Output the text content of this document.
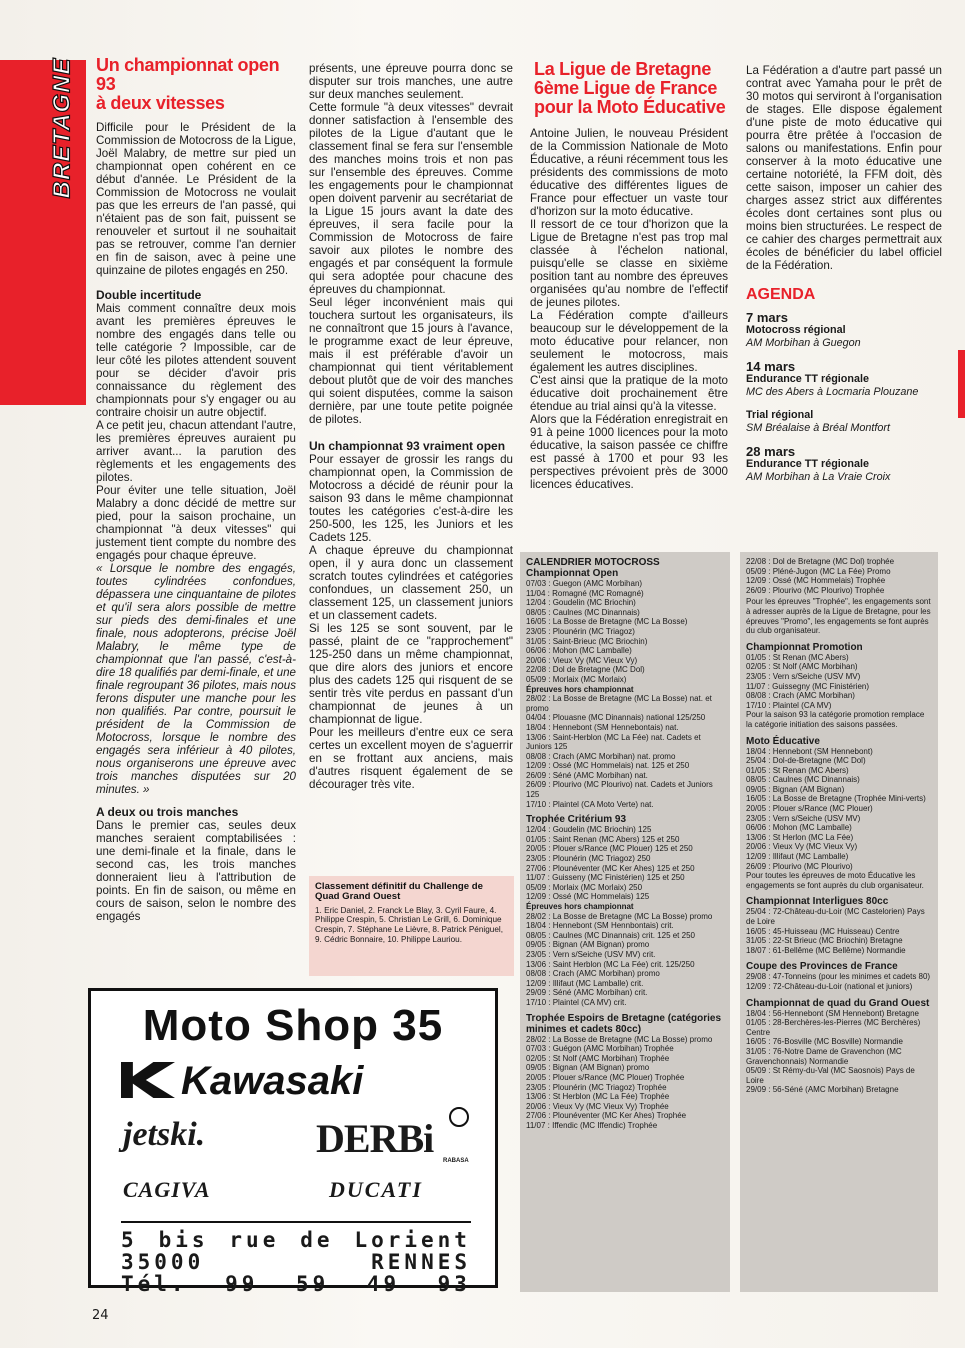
BRETAGNE Un championnat open 93
à deux vitesses

Difficile pour le Président de la Commission de Motocross de la Ligue, Joël Malabry, de mettre sur pied un championnat open cohérent en ce début d'année. Le Président de la Commission de Motocross ne voulait pas que les erreurs de l'an passé, qui n'étaient pas de son fait, puissent se renouveler et surtout il ne souhaitait pas se retrouver, comme l'an dernier en fin de saison, avec à peine une quinzaine de pilotes engagés en 250.

Double incertitude

Mais comment connaître deux mois avant les premières épreuves le nombre des engagés dans telle ou telle catégorie ? Impossible, car de leur côté les pilotes attendent souvent pour se décider d'avoir pris connaissance du règlement des championnats pour s'y engager ou au contraire choisir un autre objectif.

A ce petit jeu, chacun attendant l'autre, les premières épreuves auraient pu arriver avant... la parution des règlements et les engagements des pilotes.

Pour éviter une telle situation, Joël Malabry a donc décidé de mettre sur pied, pour la saison prochaine, un championnat "à deux vitesses" qui justement tient compte du nombre des engagés pour chaque épreuve.

« Lorsque le nombre des engagés, toutes cylindrées confondues, dépassera une cinquantaine de pilotes et qu'il sera alors possible de mettre sur pieds des demi-finales et une finale, nous adopterons, précise Joël Malabry, le même type de championnat que l'an passé, c'est-à-dire 18 qualifiés par demi-finale, et une finale regroupant 36 pilotes, mais nous ferons disputer une manche pour les non qualifiés. Par contre, poursuit le président de la Commission de Motocross, lorsque le nombre des engagés sera inférieur à 40 pilotes, nous organiserons une épreuve avec trois manches disputées sur 20 minutes. »

A deux ou trois manches

Dans le premier cas, seules deux manches seraient comptabilisées : une demi-finale et la finale, dans le second cas, les trois manches donneraient lieu à l'attribution de points. En fin de saison, ou même en cours de saison, selon le nombre des engagés

présents, une épreuve pourra donc se disputer sur trois manches, une autre sur deux manches seulement.

Cette formule "à deux vitesses" devrait donner satisfaction à l'ensemble des pilotes de la Ligue d'autant que le classement final se fera sur l'ensemble des manches moins trois et non pas sur l'ensemble des épreuves. Comme les engagements pour le championnat open doivent parvenir au secrétariat de la Ligue 15 jours avant la date des épreuves, il sera facile pour la Commission de Motocross de faire savoir aux pilotes le nombre des engagés et par conséquent la formule qui sera adoptée pour chacune des épreuves du championnat.

Seul léger inconvénient mais qui touchera surtout les organisateurs, ils ne connaîtront que 15 jours à l'avance, le programme exact de leur épreuve, mais il est préférable d'avoir un championnat qui tient véritablement debout plutôt que de voir des manches qui soient disputées, comme la saison dernière, par une toute petite poignée de pilotes.

Un championnat 93 vraiment open

Pour essayer de grossir les rangs du championnat open, la Commission de Motocross a décidé de réunir pour la saison 93 dans le même championnat toutes les catégories c'est-à-dire les 250-500, les 125, les Juniors et les Cadets 125.

A chaque épreuve du championnat open, il y aura donc un classement scratch toutes cylindrées et catégories confondues, un classement 250, un classement 125, un classement juniors et un classement cadets.

Si les 125 se sont souvent, par le passé, plaint de ce "rapprochement" 125-250 dans un même championnat, que dire alors des juniors et encore plus des cadets 125 qui risquent de se sentir très vite perdus en passant d'un championnat de jeunes à un championnat de ligue.

Pour les meilleurs d'entre eux ce sera certes un excellent moyen de s'aguerrir en se frottant aux anciens, mais d'autres risquent également de se décourager très vite.

Classement définitif du Challenge de Quad Grand Ouest
1. Eric Daniel, 2. Franck Le Blay, 3. Cyril Faure, 4. Philippe Crespin, 5. Christian Le Grill, 6. Dominique Crespin, 7. Stéphane Le Lièvre, 8. Patrick Péniguel, 9. Cédric Bonnaire, 10. Philippe Lauriou.
La Ligue de Bretagne
6ème Ligue de France
pour la Moto Éducative

Antoine Julien, le nouveau Président de la Commission Nationale de Moto Éducative, a réuni récemment tous les présidents des commissions de moto éducative des différentes ligues de France pour effectuer un vaste tour d'horizon sur la moto éducative.

Il ressort de ce tour d'horizon que la Ligue de Bretagne n'est pas trop mal classée à l'échelon national, puisqu'elle se classe en sixième position tant au nombre des épreuves organisées qu'au nombre de l'effectif de jeunes pilotes.

La Fédération compte d'ailleurs beaucoup sur le développement de la moto éducative pour relancer, non seulement le motocross, mais également les autres disciplines.

C'est ainsi que la pratique de la moto éducative doit prochainement être étendue au trial ainsi qu'à la vitesse.

Alors que la Fédération enregistrait en 91 à peine 1000 licences pour la moto éducative, la saison passée ce chiffre est passé à 1700 et pour 93 les perspectives prévoient près de 3000 licences éducatives.

La Fédération a d'autre part passé un contrat avec Yamaha pour le prêt de 30 motos qui serviront à l'organisation de stages. Elle dispose également d'une piste de moto éducative qui pourra être prêtée à l'occasion de salons ou manifestations. Enfin pour conserver à la moto éducative une certaine notoriété, la FFM doit, dès cette saison, imposer un cahier des charges assez strict aux différentes écoles dont certaines sont plus ou moins bien structurées. Le respect de ce cahier des charges permettrait aux écoles de bénéficier du label officiel de la Fédération.

AGENDA
7 mars
Motocross régional
AM Morbihan à Guegon
14 mars
Endurance TT régionale
MC des Abers à Locmaria Plouzane
Trial régional
SM Bréalaise à Bréal Montfort
28 mars
Endurance TT régionale
AM Morbihan à La Vraie Croix
CALENDRIER MOTOCROSS
Championnat Open
07/03 : Guegon (AMC Morbihan)
11/04 : Romagné (MC Romagné)
12/04 : Goudelin (MC Briochin)
08/05 : Caulnes (MC Dinannais)
16/05 : La Bosse de Bretagne (MC La Bosse)
23/05 : Plounérin (MC Triagoz)
31/05 : Saint-Brieuc (MC Briochin)
06/06 : Mohon (MC Lamballe)
20/06 : Vieux Vy (MC Vieux Vy)
22/08 : Dol de Bretagne (MC Dol)
05/09 : Morlaix (MC Morlaix)
Épreuves hors championnat
28/02 : La Bosse de Bretagne (MC La Bosse) nat. et promo
04/04 : Plouasne (MC Dinannais) national 125/250
18/04 : Hennebont (SM Hennebontais) nat.
13/06 : Saint-Herblon (MC La Fée) nat. Cadets et Juniors 125
08/08 : Crach (AMC Morbihan) nat. promo
12/09 : Ossé (MC Hommelais) nat. 125 et 250
26/09 : Séné (AMC Morbihan) nat.
26/09 : Plourivo (MC Plourivo) nat. Cadets et Juniors 125
17/10 : Plaintel (CA Moto Verte) nat.
Trophée Critérium 93
12/04 : Goudelin (MC Briochin) 125
01/05 : Saint Renan (MC Abers) 125 et 250
20/05 : Plouer s/Rance (MC Plouer) 125 et 250
23/05 : Plounérin (MC Triagoz) 250
27/06 : Plounéventer (MC Ker Ahes) 125 et 250
11/07 : Guisseny (MC Finistérien) 125 et 250
05/09 : Morlaix (MC Morlaix) 250
12/09 : Ossé (MC Hommelais) 125
Épreuves hors championnat
28/02 : La Bosse de Bretagne (MC La Bosse) promo
18/04 : Hennebont (SM Hennbontais) crit.
08/05 : Caulnes (MC Dinannais) crit. 125 et 250
09/05 : Bignan (AM Bignan) promo
23/05 : Vern s/Seiche (USV MV) crit.
13/06 : Saint Herblon (MC La Fée) crit. 125/250
08/08 : Crach (AMC Morbihan) promo
12/09 : Illifaut (MC Lamballe) crit.
29/09 : Séné (AMC Morbihan) crit.
17/10 : Plaintel (CA MV) crit.
Trophée Espoirs de Bretagne (catégories minimes et cadets 80cc)
28/02 : La Bosse de Bretagne (MC La Bosse) promo
07/03 : Guégon (AMC Morbihan) Trophée
02/05 : St Nolf (AMC Morbihan) Trophée
09/05 : Bignan (AM Bignan) promo
20/05 : Plouer s/Rance (MC Plouer) Trophée
23/05 : Plounérin (MC Triagoz) Trophée
13/06 : St Herblon (MC La Fée) Trophée
20/06 : Vieux Vy (MC Vieux Vy) Trophée
27/06 : Plounéventer (MC Ker Ahes) Trophée
11/07 : Iffendic (MC Iffendic) Trophée
22/08 : Dol de Bretagne (MC Dol) trophée
05/09 : Pléné-Jugon (MC La Fée) Promo
12/09 : Ossé (MC Hommelais) Trophée
26/09 : Plourivo (MC Plourivo) Trophée
Pour les épreuves "Trophée", les engagements sont à adresser auprès de la Ligue de Bretagne, pour les épreuves "Promo", les engagements se font auprès du club organisateur.
Championnat Promotion
01/05 : St Renan (MC Abers)
02/05 : St Nolf (AMC Morbihan)
23/05 : Vern s/Seiche (USV MV)
11/07 : Guissegny (MC Finistérien)
08/08 : Crach (AMC Morbihan)
17/10 : Plaintel (CA MV)
Pour la saison 93 la catégorie promotion remplace la catégorie initiation des saisons passées.
Moto Éducative
18/04 : Hennebont (SM Hennebont)
25/04 : Dol-de-Bretagne (MC Dol)
01/05 : St Renan (MC Abers)
08/05 : Caulnes (MC Dinannais)
09/05 : Bignan (AM Bignan)
16/05 : La Bosse de Bretagne (Trophée Mini-verts)
20/05 : Plouer s/Rance (MC Plouer)
23/05 : Vern s/Seiche (USV MV)
06/06 : Mohon (MC Lamballe)
13/06 : St Herlon (MC La Fée)
20/06 : Vieux Vy (MC Vieux Vy)
12/09 : Illifaut (MC Lamballe)
26/09 : Plourivo (MC Plourivo)
Pour toutes les épreuves de moto Éducative les engagements se font auprès du club organisateur.
Championnat Interligues 80cc
25/04 : 72-Château-du-Loir (MC Castelorien) Pays de Loire
16/05 : 45-Huisseau (MC Huisseau) Centre
31/05 : 22-St Brieuc (MC Briochin) Bretagne
18/07 : 61-Bellême (MC Bellême) Normandie
Coupe des Provinces de France
29/08 : 47-Tonneins (pour les minimes et cadets 80)
12/09 : 72-Château-du-Loir (national et juniors)
Championnat de quad du Grand Ouest
18/04 : 56-Hennebont (SM Hennebont) Bretagne
01/05 : 28-Berchères-les-Pierres (MC Berchères) Centre
16/05 : 76-Bosville (MC Bosville) Normandie
31/05 : 76-Notre Dame de Gravenchon (MC Gravenchonnais) Normandie
05/09 : St Rémy-du-Val (MC Saosnois) Pays de Loire
29/09 : 56-Séné (AMC Morbihan) Bretagne
Moto Shop 35
Kawasaki
jetski.	DERBi RABASA
CAGIVA	DUCATI
5 bis rue de Lorient
35000	RENNES
Tél. 99 59 49 93
24
